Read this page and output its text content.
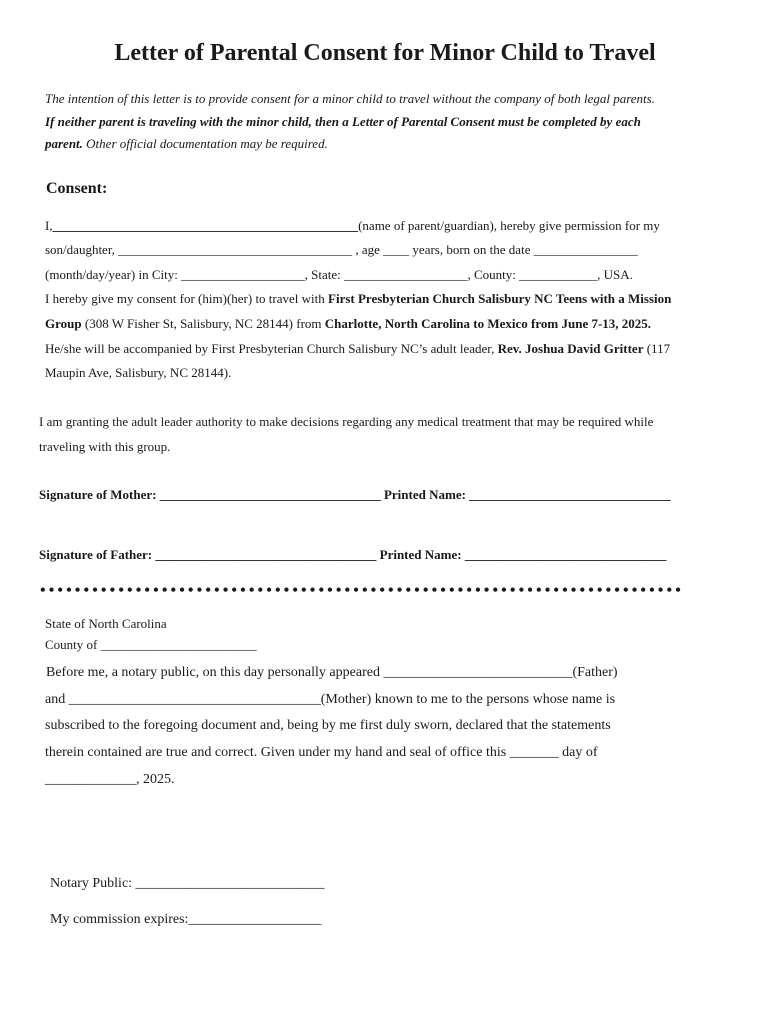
Letter of Parental Consent for Minor Child to Travel
The intention of this letter is to provide consent for a minor child to travel without the company of both legal parents.
If neither parent is traveling with the minor child, then a Letter of Parental Consent must be completed by each
parent. Other official documentation may be required.
Consent:
I,_______________________________________________(name of parent/guardian), hereby give permission for my
son/daughter, ____________________________________ , age ____ years, born on the date ________________
(month/day/year) in City: ___________________, State: ___________________, County: ____________, USA.
I hereby give my consent for (him)(her) to travel with First Presbyterian Church Salisbury NC Teens with a Mission
Group (308 W Fisher St, Salisbury, NC 28144) from Charlotte, North Carolina to Mexico from June 7-13, 2025.
He/she will be accompanied by First Presbyterian Church Salisbury NC’s adult leader, Rev. Joshua David Gritter (117
Maupin Ave, Salisbury, NC 28144).
I am granting the adult leader authority to make decisions regarding any medical treatment that may be required while
traveling with this group.
Signature of Mother: __________________________________ Printed Name: _______________________________
Signature of Father: __________________________________ Printed Name: _______________________________
••••••••••••••••••••••••••••••••••••••••••••••••••••••••••••••••••••••••••
State of North Carolina
County of ________________________
Before me, a notary public, on this day personally appeared ___________________________(Father)
and ____________________________________(Mother) known to me to the persons whose name is
subscribed to the foregoing document and, being by me first duly sworn, declared that the statements
therein contained are true and correct. Given under my hand and seal of office this _______ day of
_____________, 2025.
Notary Public: ___________________________
My commission expires:___________________
